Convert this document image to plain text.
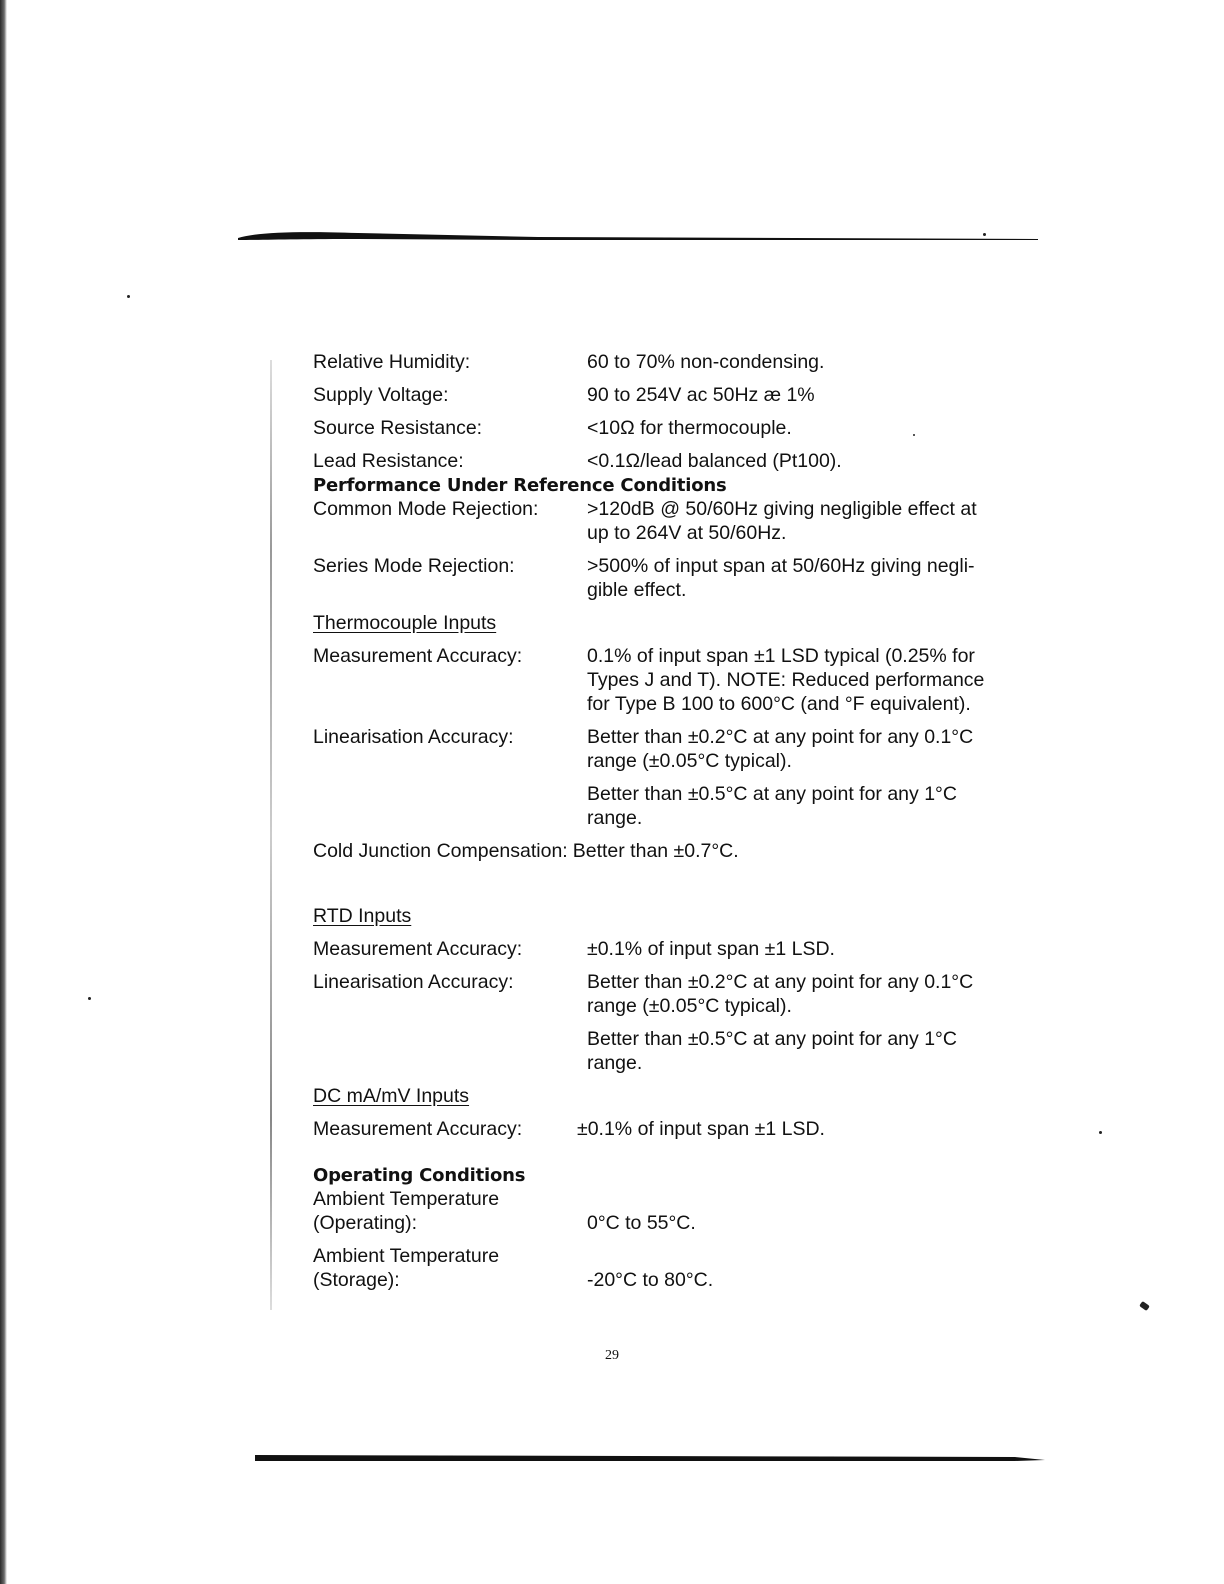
Relative Humidity:	60 to 70% non-condensing.
Supply Voltage:	90 to 254V ac 50Hz æ 1%
Source Resistance:	<10Ω for thermocouple.
Lead Resistance:	<0.1Ω/lead balanced (Pt100).
Performance Under Reference Conditions
Common Mode Rejection:	>120dB @ 50/60Hz giving negligible effect at
up to 264V at 50/60Hz.
Series Mode Rejection:	>500% of input span at 50/60Hz giving negli-
gible effect.
Thermocouple Inputs
Measurement Accuracy:	0.1% of input span ±1 LSD typical (0.25% for
Types J and T). NOTE: Reduced performance
for Type B 100 to 600°C (and °F equivalent).
Linearisation Accuracy:	Better than ±0.2°C at any point for any 0.1°C
range (±0.05°C typical).
Better than ±0.5°C at any point for any 1°C
range.
Cold Junction Compensation: Better than ±0.7°C.
RTD Inputs
Measurement Accuracy:	±0.1% of input span ±1 LSD.
Linearisation Accuracy:	Better than ±0.2°C at any point for any 0.1°C
range (±0.05°C typical).
Better than ±0.5°C at any point for any 1°C
range.
DC mA/mV Inputs
Measurement Accuracy:	±0.1% of input span ±1 LSD.
Operating Conditions
Ambient Temperature
(Operating):	0°C to 55°C.
Ambient Temperature
(Storage):	-20°C to 80°C.
29
